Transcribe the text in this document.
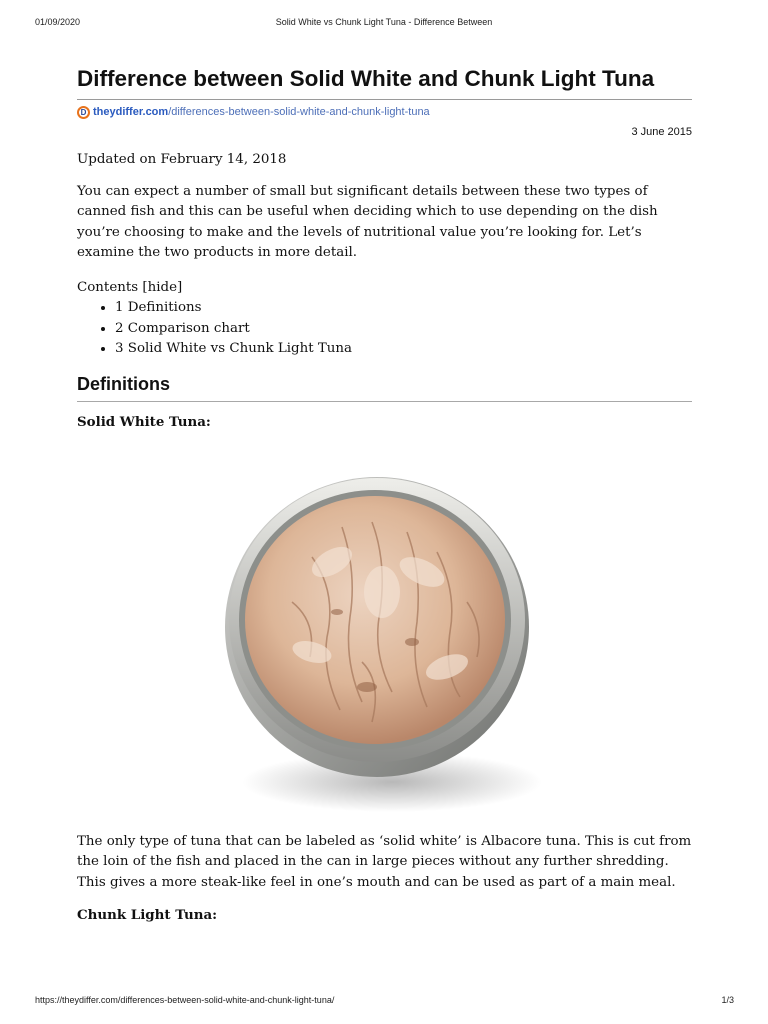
01/09/2020	Solid White vs Chunk Light Tuna - Difference Between
Difference between Solid White and Chunk Light Tuna
D theydiffer.com/differences-between-solid-white-and-chunk-light-tuna
3 June 2015

Updated on February 14, 2018

You can expect a number of small but significant details between these two types of canned fish and this can be useful when deciding which to use depending on the dish you’re choosing to make and the levels of nutritional value you’re looking for. Let’s examine the two products in more detail.

Contents [hide]

• 1 Definitions
• 2 Comparison chart
• 3 Solid White vs Chunk Light Tuna
Definitions

Solid White Tuna:

The only type of tuna that can be labeled as ‘solid white’ is Albacore tuna. This is cut from the loin of the fish and placed in the can in large pieces without any further shredding. This gives a more steak-like feel in one’s mouth and can be used as part of a main meal.

Chunk Light Tuna:

https://theydiffer.com/differences-between-solid-white-and-chunk-light-tuna/	1/3
